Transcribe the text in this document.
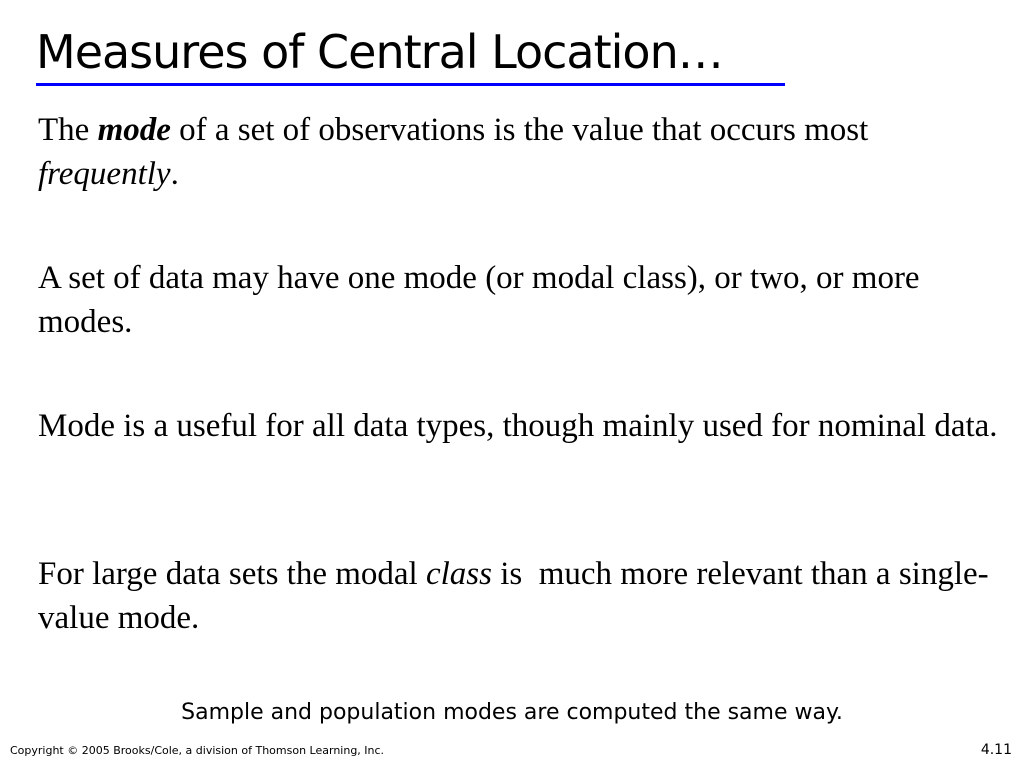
Measures of Central Location…
The mode of a set of observations is the value that occurs most frequently.
A set of data may have one mode (or modal class), or two, or more modes.
Mode is a useful for all data types, though mainly used for nominal data.
For large data sets the modal class is  much more relevant than a single-value mode.
Sample and population modes are computed the same way.
Copyright © 2005 Brooks/Cole, a division of Thomson Learning, Inc.	4.11
